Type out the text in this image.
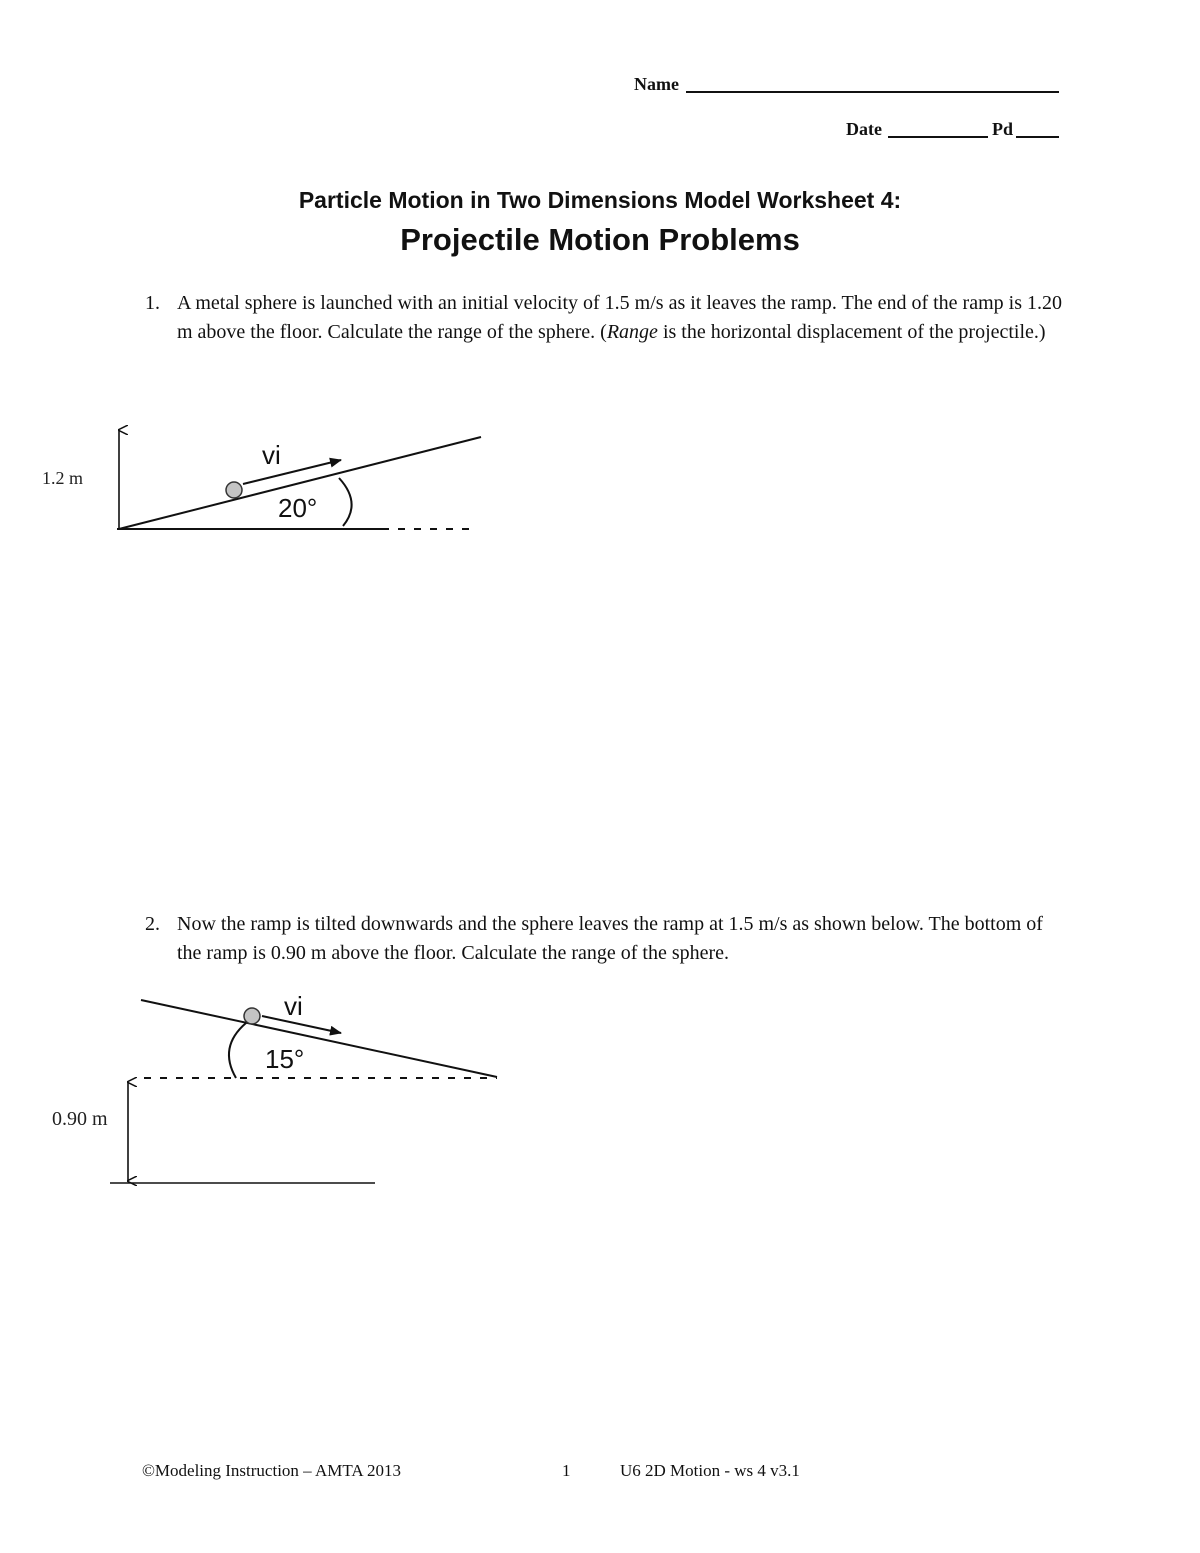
Name
Date	Pd
Particle Motion in Two Dimensions Model Worksheet 4:
Projectile Motion Problems
1. A metal sphere is launched with an initial velocity of 1.5 m/s as it leaves the ramp. The end of the ramp is 1.20 m above the floor. Calculate the range of the sphere. (Range is the horizontal displacement of the projectile.)

1.2 m
vi
20°
2. Now the ramp is tilted downwards and the sphere leaves the ramp at 1.5 m/s as shown below. The bottom of the ramp is 0.90 m above the floor. Calculate the range of the sphere.

vi
15°
0.90 m
©Modeling Instruction – AMTA 2013	1	U6 2D Motion - ws 4 v3.1
